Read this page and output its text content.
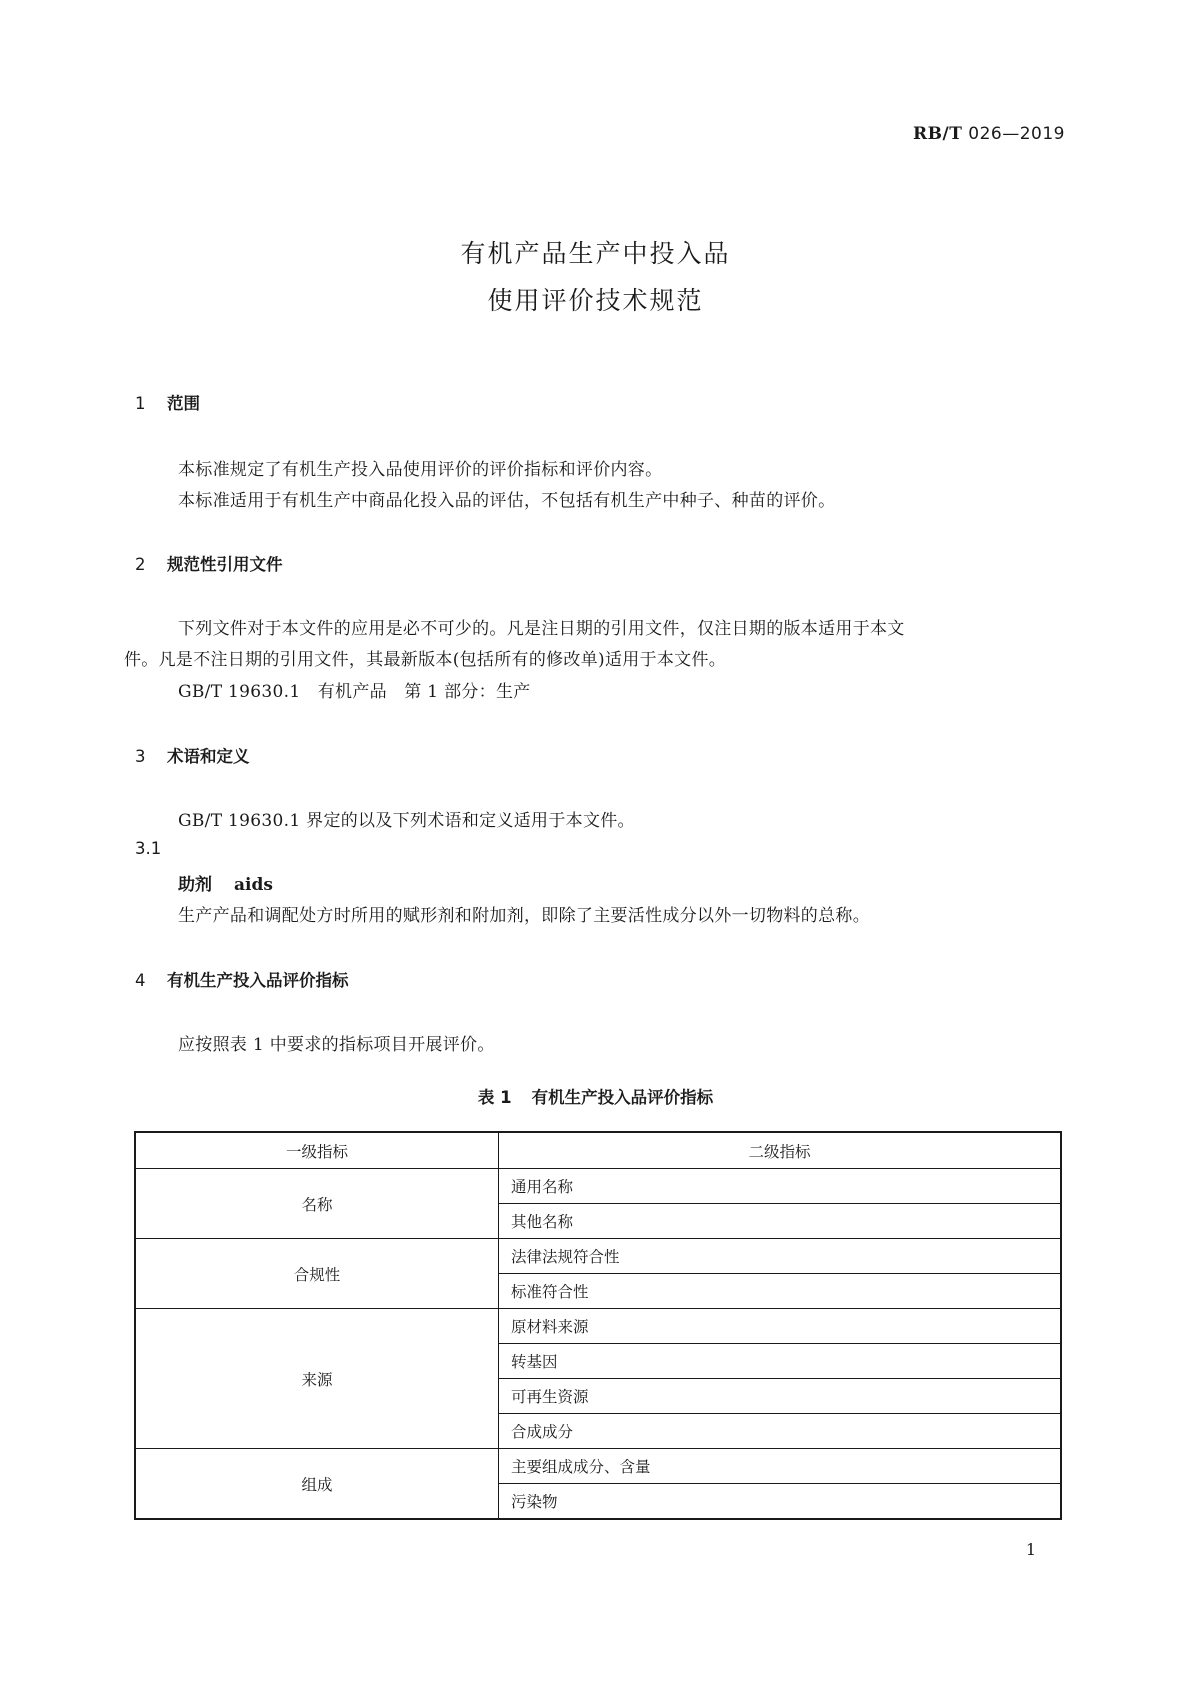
RB/T 026—2019
有机产品生产中投入品
使用评价技术规范
1 范围
本标准规定了有机生产投入品使用评价的评价指标和评价内容。
本标准适用于有机生产中商品化投入品的评估，不包括有机生产中种子、种苗的评价。
2 规范性引用文件
下列文件对于本文件的应用是必不可少的。凡是注日期的引用文件，仅注日期的版本适用于本文
件。凡是不注日期的引用文件，其最新版本(包括所有的修改单)适用于本文件。
GB/T 19630.1　有机产品　第 1 部分：生产
3 术语和定义
GB/T 19630.1 界定的以及下列术语和定义适用于本文件。
3.1
助剂 aids
生产产品和调配处方时所用的赋形剂和附加剂，即除了主要活性成分以外一切物料的总称。
4 有机生产投入品评价指标
应按照表 1 中要求的指标项目开展评价。
表 1 有机生产投入品评价指标
一级指标	二级指标
名称	通用名称
	其他名称
合规性	法律法规符合性
	标准符合性
来源	原材料来源
	转基因
	可再生资源
	合成成分
组成	主要组成成分、含量
	污染物
1
